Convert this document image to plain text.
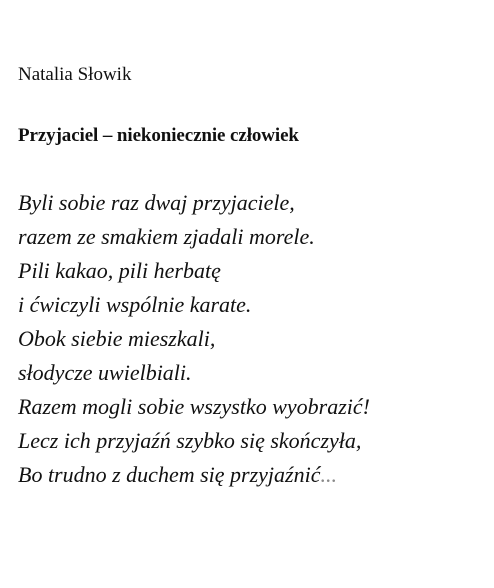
Natalia Słowik
Przyjaciel – niekoniecznie człowiek
Byli sobie raz dwaj przyjaciele,
razem ze smakiem zjadali morele.
Pili kakao, pili herbatę
i ćwiczyli wspólnie karate.
Obok siebie mieszkali,
słodycze uwielbiali.
Razem mogli sobie wszystko wyobrazić!
Lecz ich przyjaźń szybko się skończyła,
Bo trudno z duchem się przyjaźnić...
